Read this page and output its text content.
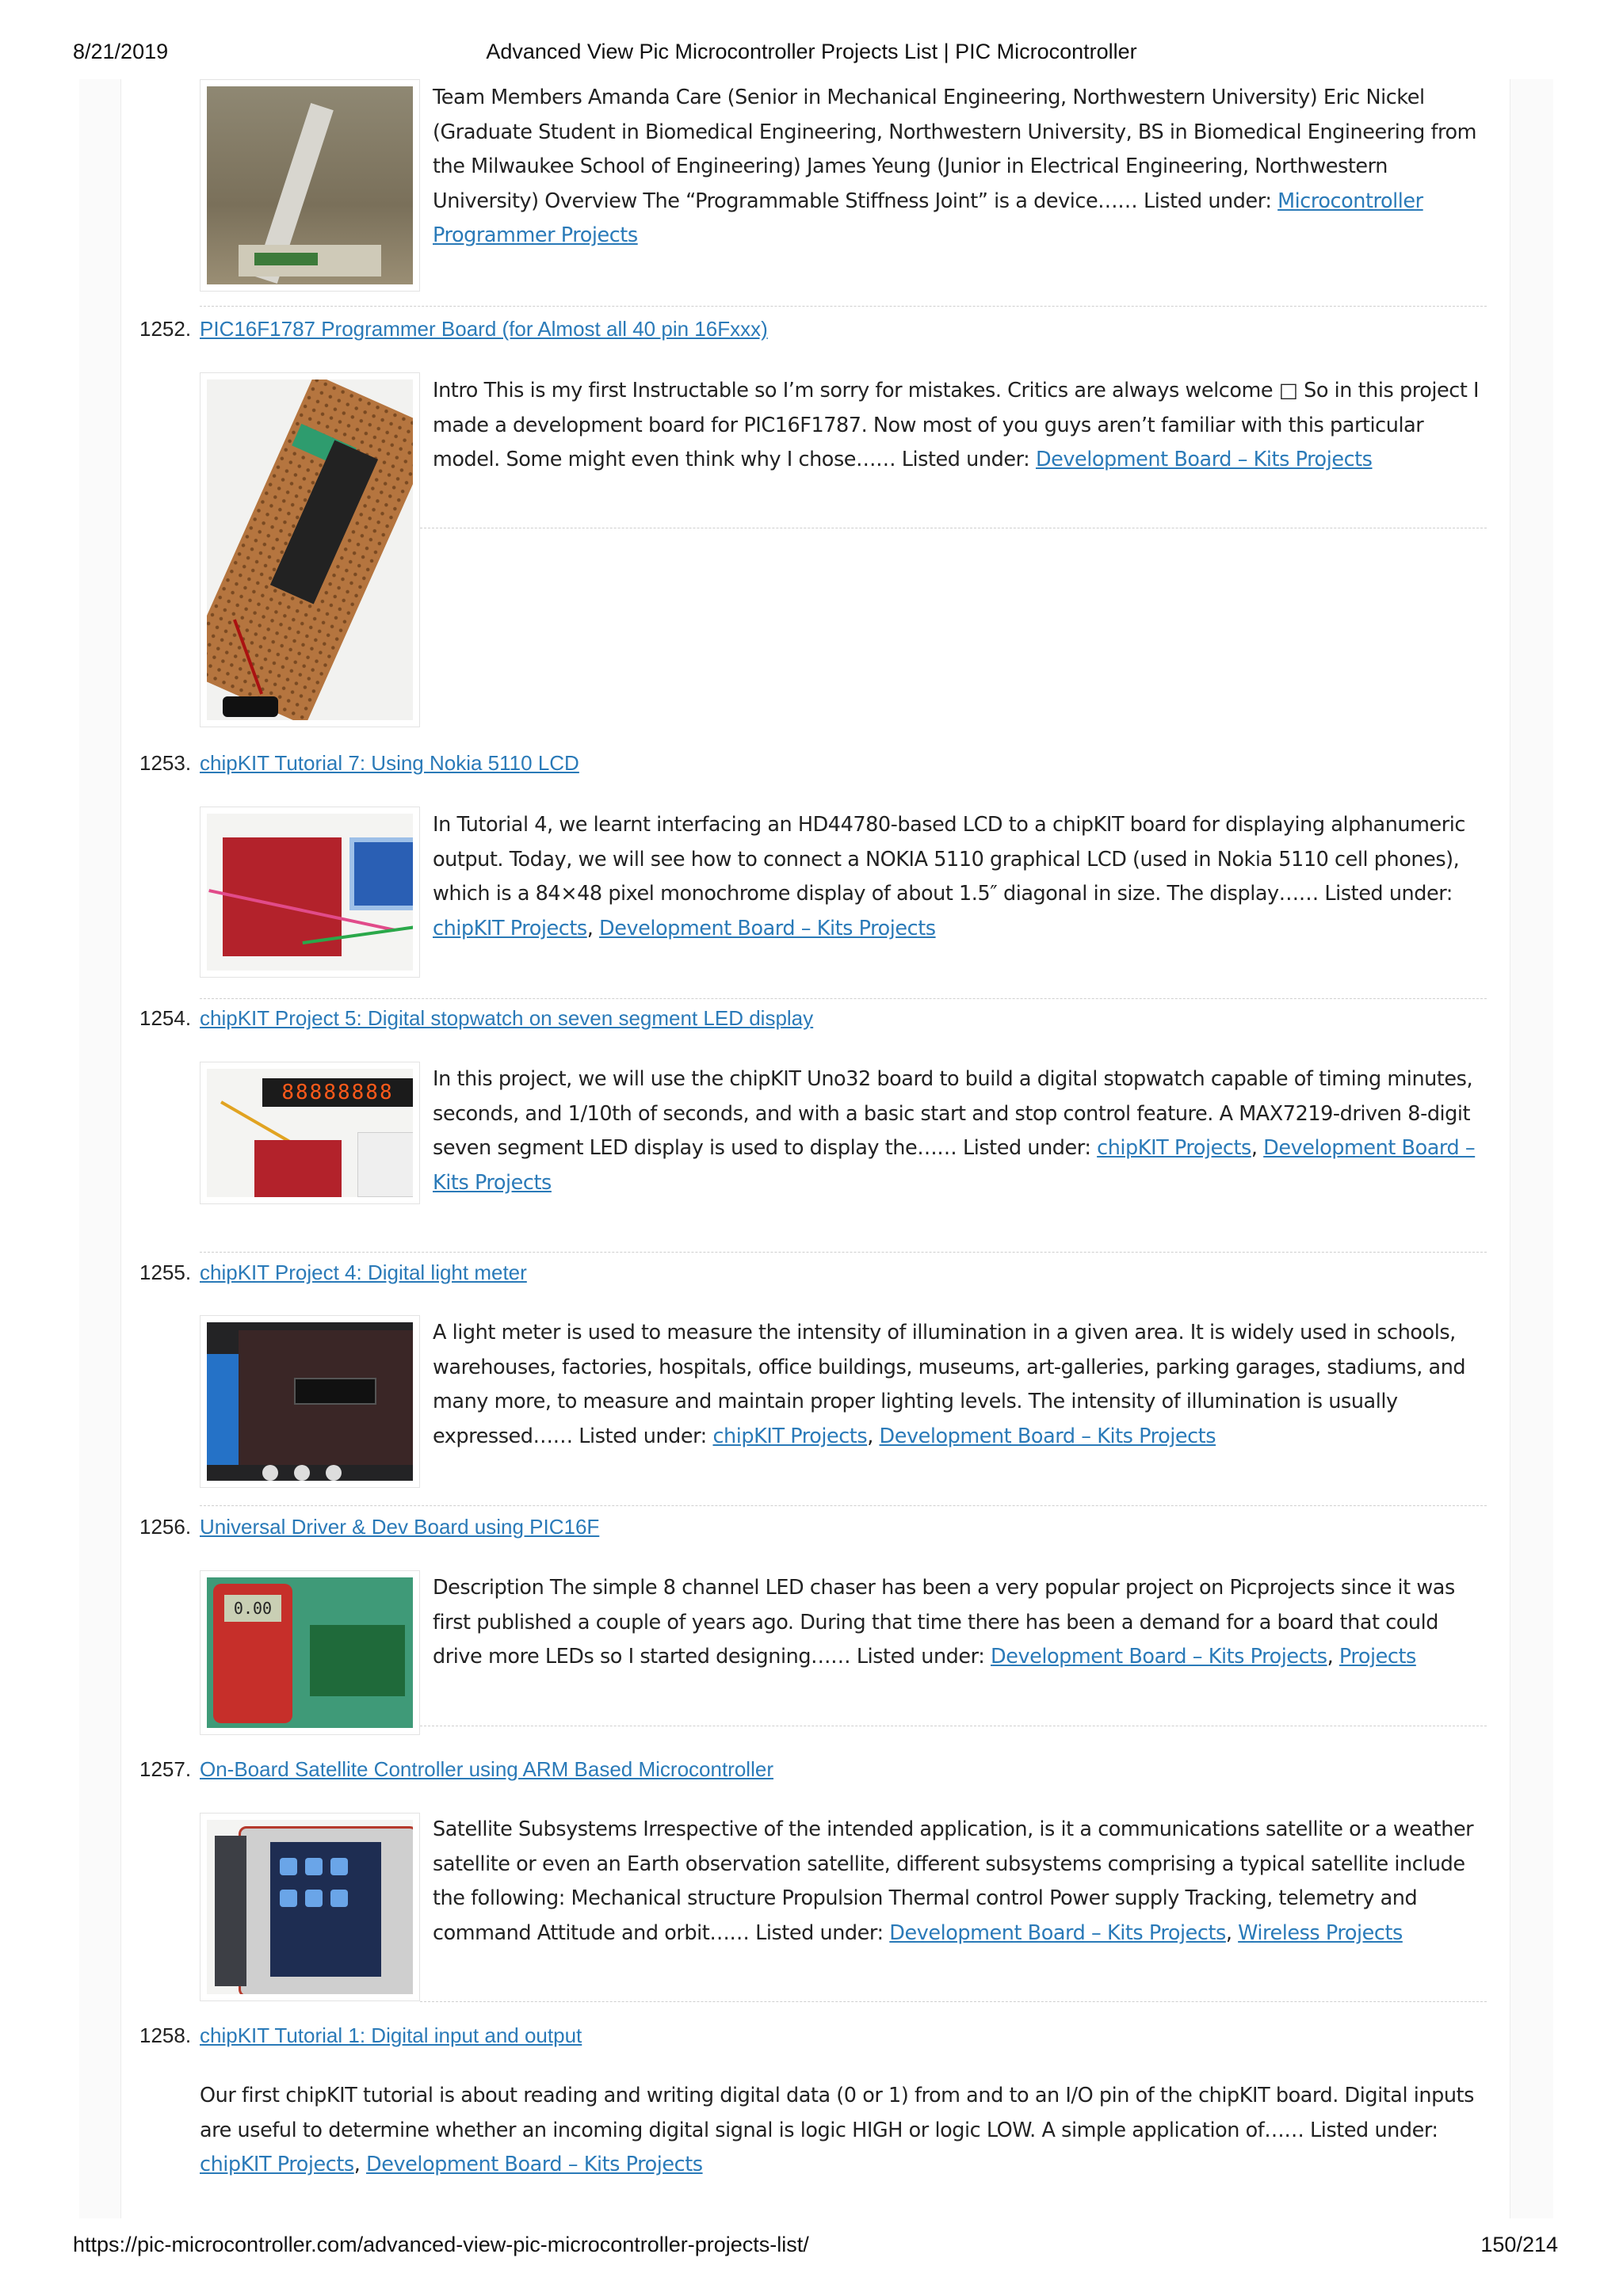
8/21/2019	Advanced View Pic Microcontroller Projects List | PIC Microcontroller
Team Members Amanda Care (Senior in Mechanical Engineering, Northwestern University) Eric Nickel (Graduate Student in Biomedical Engineering, Northwestern University, BS in Biomedical Engineering from the Milwaukee School of Engineering) James Yeung (Junior in Electrical Engineering, Northwestern University) Overview The “Programmable Stiffness Joint” is a device…… Listed under: Microcontroller Programmer Projects
1252. PIC16F1787 Programmer Board (for Almost all 40 pin 16Fxxx)
Intro This is my first Instructable so I’m sorry for mistakes. Critics are always welcome □ So in this project I made a development board for PIC16F1787. Now most of you guys aren’t familiar with this particular model. Some might even think why I chose…… Listed under: Development Board – Kits Projects
1253. chipKIT Tutorial 7: Using Nokia 5110 LCD
In Tutorial 4, we learnt interfacing an HD44780-based LCD to a chipKIT board for displaying alphanumeric output. Today, we will see how to connect a NOKIA 5110 graphical LCD (used in Nokia 5110 cell phones), which is a 84×48 pixel monochrome display of about 1.5″ diagonal in size. The display…… Listed under: chipKIT Projects, Development Board – Kits Projects
1254. chipKIT Project 5: Digital stopwatch on seven segment LED display
88888888
In this project, we will use the chipKIT Uno32 board to build a digital stopwatch capable of timing minutes, seconds, and 1/10th of seconds, and with a basic start and stop control feature. A MAX7219-driven 8-digit seven segment LED display is used to display the…… Listed under: chipKIT Projects, Development Board – Kits Projects
1255. chipKIT Project 4: Digital light meter
A light meter is used to measure the intensity of illumination in a given area. It is widely used in schools, warehouses, factories, hospitals, office buildings, museums, art-galleries, parking garages, stadiums, and many more, to measure and maintain proper lighting levels. The intensity of illumination is usually expressed…… Listed under: chipKIT Projects, Development Board – Kits Projects
1256. Universal Driver & Dev Board using PIC16F
0.00
Description The simple 8 channel LED chaser has been a very popular project on Picprojects since it was first published a couple of years ago. During that time there has been a demand for a board that could drive more LEDs so I started designing…… Listed under: Development Board – Kits Projects, Projects
1257. On-Board Satellite Controller using ARM Based Microcontroller
Satellite Subsystems Irrespective of the intended application, is it a communications satellite or a weather satellite or even an Earth observation satellite, different subsystems comprising a typical satellite include the following: Mechanical structure Propulsion Thermal control Power supply Tracking, telemetry and command Attitude and orbit…… Listed under: Development Board – Kits Projects, Wireless Projects
1258. chipKIT Tutorial 1: Digital input and output
Our first chipKIT tutorial is about reading and writing digital data (0 or 1) from and to an I/O pin of the chipKIT board. Digital inputs are useful to determine whether an incoming digital signal is logic HIGH or logic LOW. A simple application of…… Listed under: chipKIT Projects, Development Board – Kits Projects
https://pic-microcontroller.com/advanced-view-pic-microcontroller-projects-list/	150/214
